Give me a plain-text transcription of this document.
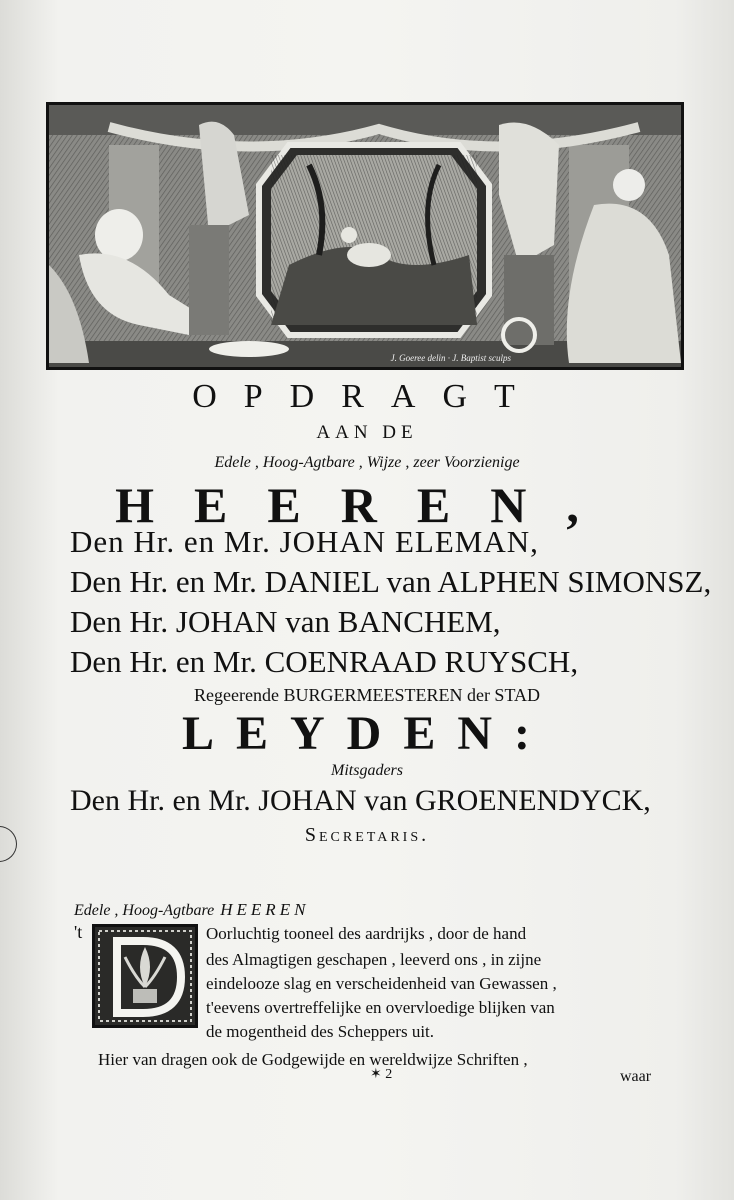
J. Goeree delin · J. Baptist sculps
OPDRAGT
AAN DE
Edele , Hoog-Agtbare , Wijze , zeer Voorzienige
HEEREN,
Den Hr. en Mr. JOHAN ELEMAN,
Den Hr. en Mr. DANIEL van ALPHEN SIMONSZ,
Den Hr. JOHAN van BANCHEM,
Den Hr. en Mr. COENRAAD RUYSCH,
Regeerende BURGERMEESTEREN der STAD
LEYDEN:
Mitsgaders
Den Hr. en Mr. JOHAN van GROENENDYCK,
Secretaris.
Edele , Hoog-Agtbare HEEREN
't	Oorluchtig tooneel des aardrijks , door de hand
des Almagtigen geschapen , leeverd ons , in zijne
eindelooze slag en verscheidenheid van Gewassen ,
t'eevens overtreffelijke en overvloedige blijken van
de mogentheid des Scheppers uit.
Hier van dragen ook de Godgewijde en wereldwijze Schriften ,
✶ 2	waar
